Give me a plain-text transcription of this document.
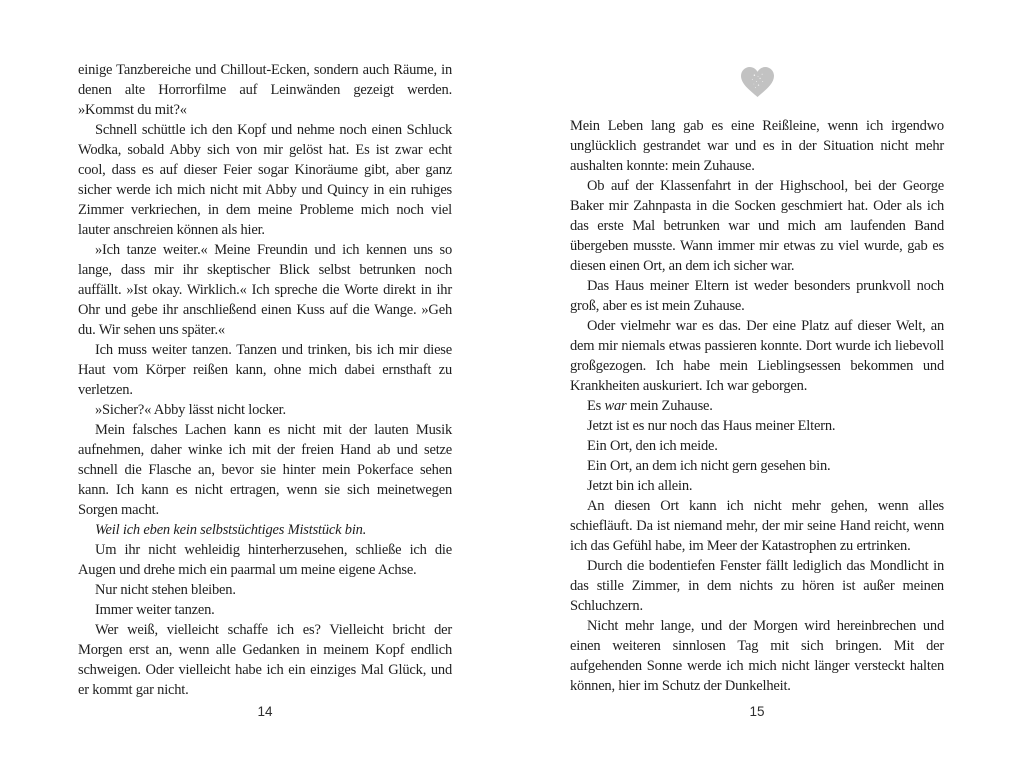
einige Tanzbereiche und Chillout-Ecken, sondern auch Räume, in denen alte Horrorfilme auf Leinwänden gezeigt werden. »Kommst du mit?«

Schnell schüttle ich den Kopf und nehme noch einen Schluck Wodka, sobald Abby sich von mir gelöst hat. Es ist zwar echt cool, dass es auf dieser Feier sogar Kinoräume gibt, aber ganz sicher werde ich mich nicht mit Abby und Quincy in ein ruhiges Zimmer verkriechen, in dem meine Probleme mich noch viel lauter anschreien können als hier.

»Ich tanze weiter.« Meine Freundin und ich kennen uns so lange, dass mir ihr skeptischer Blick selbst betrunken noch auffällt. »Ist okay. Wirklich.« Ich spreche die Worte direkt in ihr Ohr und gebe ihr anschließend einen Kuss auf die Wange. »Geh du. Wir sehen uns später.«

Ich muss weiter tanzen. Tanzen und trinken, bis ich mir diese Haut vom Körper reißen kann, ohne mich dabei ernsthaft zu verletzen.

»Sicher?« Abby lässt nicht locker.

Mein falsches Lachen kann es nicht mit der lauten Musik aufnehmen, daher winke ich mit der freien Hand ab und setze schnell die Flasche an, bevor sie hinter mein Pokerface sehen kann. Ich kann es nicht ertragen, wenn sie sich meinetwegen Sorgen macht.

Weil ich eben kein selbstsüchtiges Miststück bin.

Um ihr nicht wehleidig hinterherzusehen, schließe ich die Augen und drehe mich ein paarmal um meine eigene Achse.

Nur nicht stehen bleiben.

Immer weiter tanzen.

Wer weiß, vielleicht schaffe ich es? Vielleicht bricht der Morgen erst an, wenn alle Gedanken in meinem Kopf endlich schweigen. Oder vielleicht habe ich ein einziges Mal Glück, und er kommt gar nicht.

14

Mein Leben lang gab es eine Reißleine, wenn ich irgendwo unglücklich gestrandet war und es in der Situation nicht mehr aushalten konnte: mein Zuhause.

Ob auf der Klassenfahrt in der Highschool, bei der George Baker mir Zahnpasta in die Socken geschmiert hat. Oder als ich das erste Mal betrunken war und mich am laufenden Band übergeben musste. Wann immer mir etwas zu viel wurde, gab es diesen einen Ort, an dem ich sicher war.

Das Haus meiner Eltern ist weder besonders prunkvoll noch groß, aber es ist mein Zuhause.

Oder vielmehr war es das. Der eine Platz auf dieser Welt, an dem mir niemals etwas passieren konnte. Dort wurde ich liebevoll großgezogen. Ich habe mein Lieblingsessen bekommen und Krankheiten auskuriert. Ich war geborgen.

Es war mein Zuhause.

Jetzt ist es nur noch das Haus meiner Eltern.

Ein Ort, den ich meide.

Ein Ort, an dem ich nicht gern gesehen bin.

Jetzt bin ich allein.

An diesen Ort kann ich nicht mehr gehen, wenn alles schiefläuft. Da ist niemand mehr, der mir seine Hand reicht, wenn ich das Gefühl habe, im Meer der Katastrophen zu ertrinken.

Durch die bodentiefen Fenster fällt lediglich das Mondlicht in das stille Zimmer, in dem nichts zu hören ist außer meinen Schluchzern.

Nicht mehr lange, und der Morgen wird hereinbrechen und einen weiteren sinnlosen Tag mit sich bringen. Mit der aufgehenden Sonne werde ich mich nicht länger versteckt halten können, hier im Schutz der Dunkelheit.

15
